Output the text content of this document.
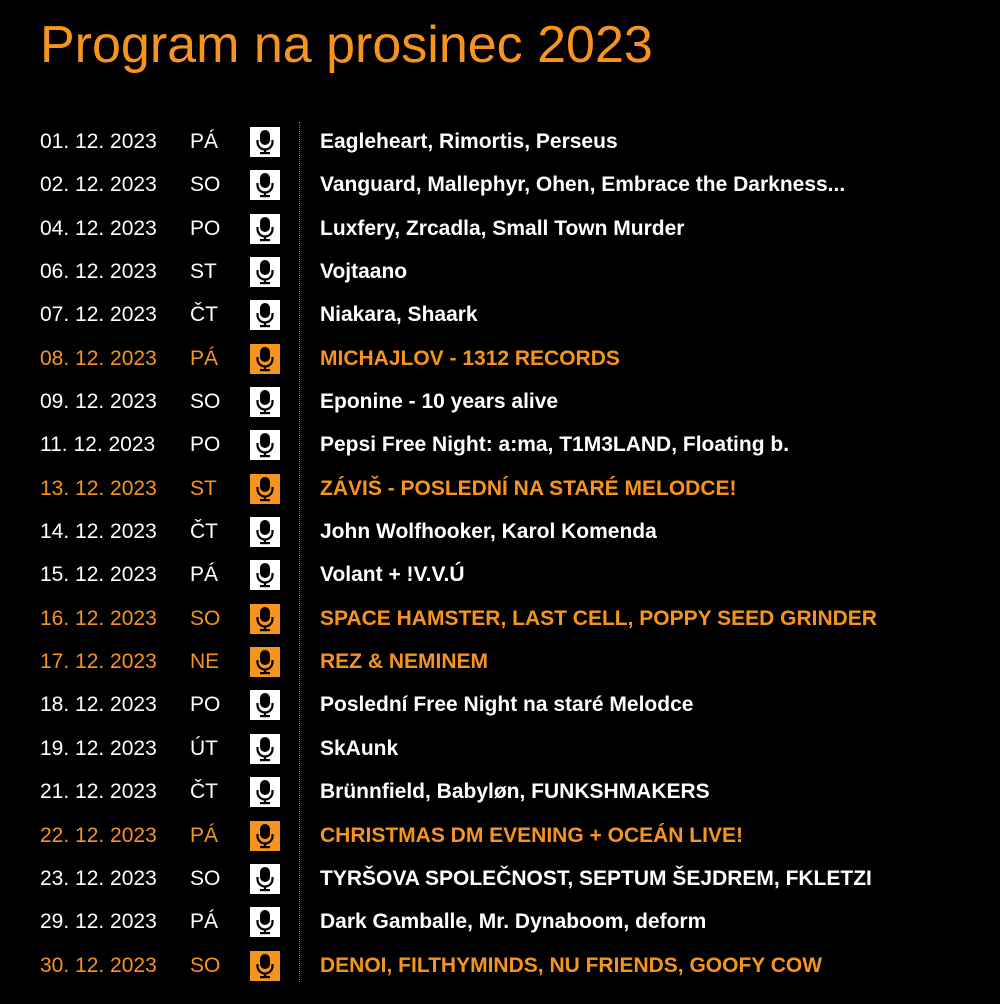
Program na prosinec 2023
01. 12. 2023 PÁ	Eagleheart, Rimortis, Perseus
02. 12. 2023 SO	Vanguard, Mallephyr, Ohen, Embrace the Darkness...
04. 12. 2023 PO	Luxfery, Zrcadla, Small Town Murder
06. 12. 2023 ST	Vojtaano
07. 12. 2023 ČT	Niakara, Shaark
08. 12. 2023 PÁ	MICHAJLOV - 1312 RECORDS
09. 12. 2023 SO	Eponine - 10 years alive
11. 12. 2023 PO	Pepsi Free Night: a:ma, T1M3LAND, Floating b.
13. 12. 2023 ST	ZÁVIŠ - POSLEDNÍ NA STARÉ MELODCE!
14. 12. 2023 ČT	John Wolfhooker, Karol Komenda
15. 12. 2023 PÁ	Volant + !V.V.Ú
16. 12. 2023 SO	SPACE HAMSTER, LAST CELL, POPPY SEED GRINDER
17. 12. 2023 NE	REZ & NEMINEM
18. 12. 2023 PO	Poslední Free Night na staré Melodce
19. 12. 2023 ÚT	SkAunk
21. 12. 2023 ČT	Brünnfield, Babyløn, FUNKSHMAKERS
22. 12. 2023 PÁ	CHRISTMAS DM EVENING + OCEÁN LIVE!
23. 12. 2023 SO	TYRŠOVA SPOLEČNOST, SEPTUM ŠEJDREM, FKLETZI
29. 12. 2023 PÁ	Dark Gamballe, Mr. Dynaboom, deform
30. 12. 2023 SO	DENOI, FILTHYMINDS, NU FRIENDS, GOOFY COW
